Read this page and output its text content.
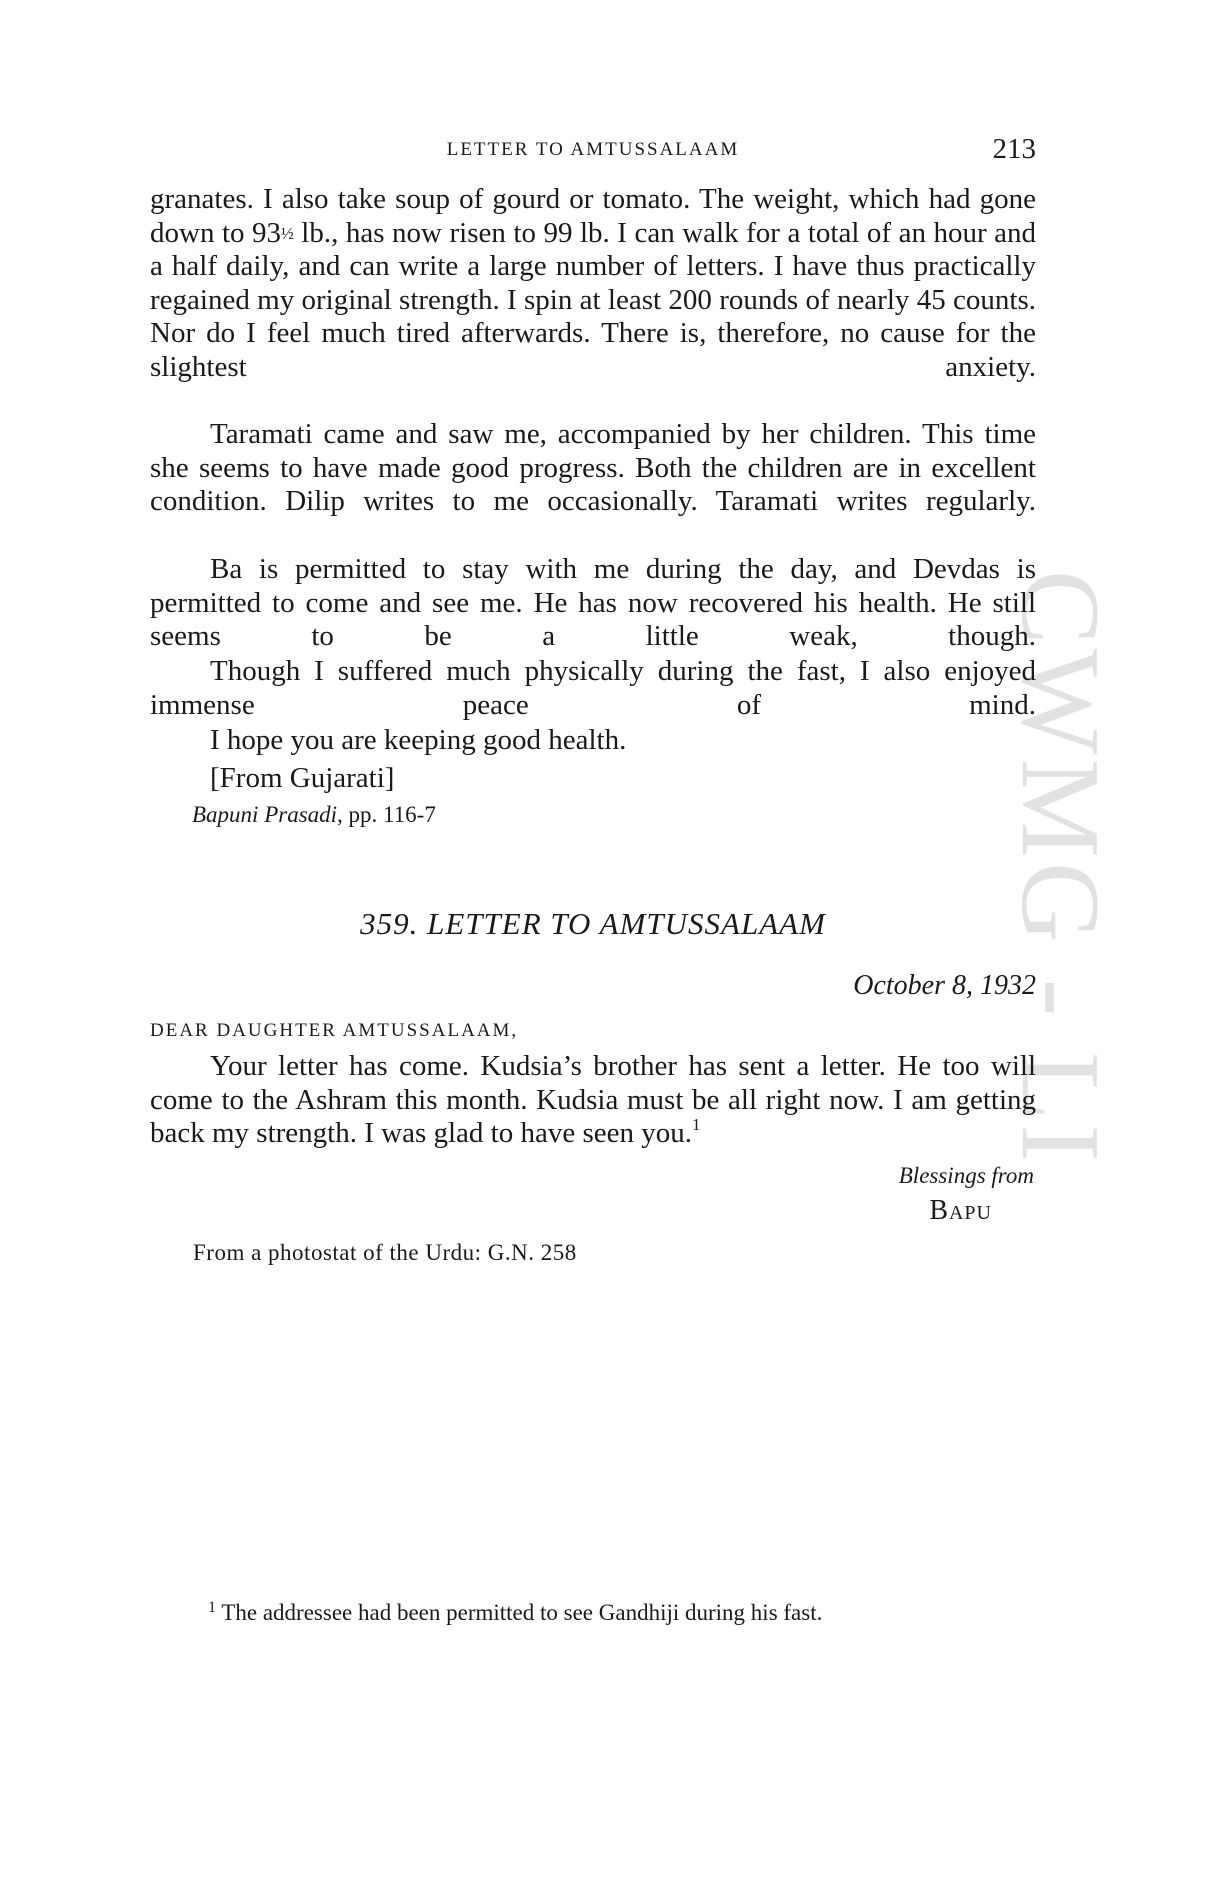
CWMG - LI
LETTER TO AMTUSSALAAM	213
granates. I also take soup of gourd or tomato. The weight, which had gone down to 93½ lb., has now risen to 99 lb. I can walk for a total of an hour and a half daily, and can write a large number of letters. I have thus practically regained my original strength. I spin at least 200 rounds of nearly 45 counts. Nor do I feel much tired afterwards. There is, therefore, no cause for the slightest anxiety.
Taramati came and saw me, accompanied by her children. This time she seems to have made good progress. Both the children are in excellent condition. Dilip writes to me occasionally. Taramati writes regularly.
Ba is permitted to stay with me during the day, and Devdas is permitted to come and see me. He has now recovered his health. He still seems to be a little weak, though.
Though I suffered much physically during the fast, I also enjoyed immense peace of mind.
I hope you are keeping good health.
[From Gujarati]
Bapuni Prasadi, pp. 116-7
359. LETTER TO AMTUSSALAAM
October 8, 1932
DEAR DAUGHTER AMTUSSALAAM,
Your letter has come. Kudsia’s brother has sent a letter. He too will come to the Ashram this month. Kudsia must be all right now. I am getting back my strength. I was glad to have seen you.$^1$
Blessings from
Bapu
From a photostat of the Urdu: G.N. 258
$^1$ The addressee had been permitted to see Gandhiji during his fast.
